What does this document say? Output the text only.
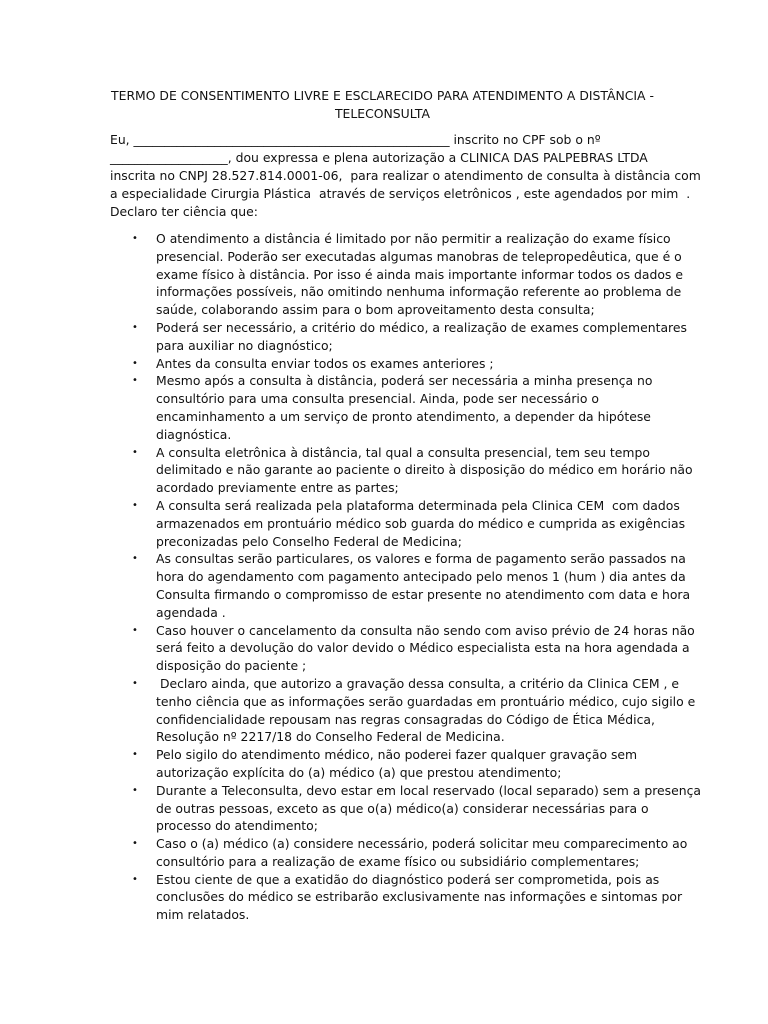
TERMO DE CONSENTIMENTO LIVRE E ESCLARECIDO PARA ATENDIMENTO A DISTÂNCIA -
TELECONSULTA

Eu, ___________________________________________________ inscrito no CPF sob o nº
___________________, dou expressa e plena autorização a CLINICA DAS PALPEBRAS LTDA
inscrita no CNPJ 28.527.814.0001-06,  para realizar o atendimento de consulta à distância com
a especialidade Cirurgia Plástica  através de serviços eletrônicos , este agendados por mim  .
Declaro ter ciência que:

• O atendimento a distância é limitado por não permitir a realização do exame físico
presencial. Poderão ser executadas algumas manobras de telepropedêutica, que é o
exame físico à distância. Por isso é ainda mais importante informar todos os dados e
informações possíveis, não omitindo nenhuma informação referente ao problema de
saúde, colaborando assim para o bom aproveitamento desta consulta;
• Poderá ser necessário, a critério do médico, a realização de exames complementares
para auxiliar no diagnóstico;
• Antes da consulta enviar todos os exames anteriores ;
• Mesmo após a consulta à distância, poderá ser necessária a minha presença no
consultório para uma consulta presencial. Ainda, pode ser necessário o
encaminhamento a um serviço de pronto atendimento, a depender da hipótese
diagnóstica.
• A consulta eletrônica à distância, tal qual a consulta presencial, tem seu tempo
delimitado e não garante ao paciente o direito à disposição do médico em horário não
acordado previamente entre as partes;
• A consulta será realizada pela plataforma determinada pela Clinica CEM  com dados
armazenados em prontuário médico sob guarda do médico e cumprida as exigências
preconizadas pelo Conselho Federal de Medicina;
• As consultas serão particulares, os valores e forma de pagamento serão passados na
hora do agendamento com pagamento antecipado pelo menos 1 (hum ) dia antes da
Consulta firmando o compromisso de estar presente no atendimento com data e hora
agendada .
• Caso houver o cancelamento da consulta não sendo com aviso prévio de 24 horas não
será feito a devolução do valor devido o Médico especialista esta na hora agendada a
disposição do paciente ;
• Declaro ainda, que autorizo a gravação dessa consulta, a critério da Clinica CEM , e
tenho ciência que as informações serão guardadas em prontuário médico, cujo sigilo e
confidencialidade repousam nas regras consagradas do Código de Ética Médica,
Resolução nº 2217/18 do Conselho Federal de Medicina.
• Pelo sigilo do atendimento médico, não poderei fazer qualquer gravação sem
autorização explícita do (a) médico (a) que prestou atendimento;
• Durante a Teleconsulta, devo estar em local reservado (local separado) sem a presença
de outras pessoas, exceto as que o(a) médico(a) considerar necessárias para o
processo do atendimento;
• Caso o (a) médico (a) considere necessário, poderá solicitar meu comparecimento ao
consultório para a realização de exame físico ou subsidiário complementares;
• Estou ciente de que a exatidão do diagnóstico poderá ser comprometida, pois as
conclusões do médico se estribarão exclusivamente nas informações e sintomas por
mim relatados.
